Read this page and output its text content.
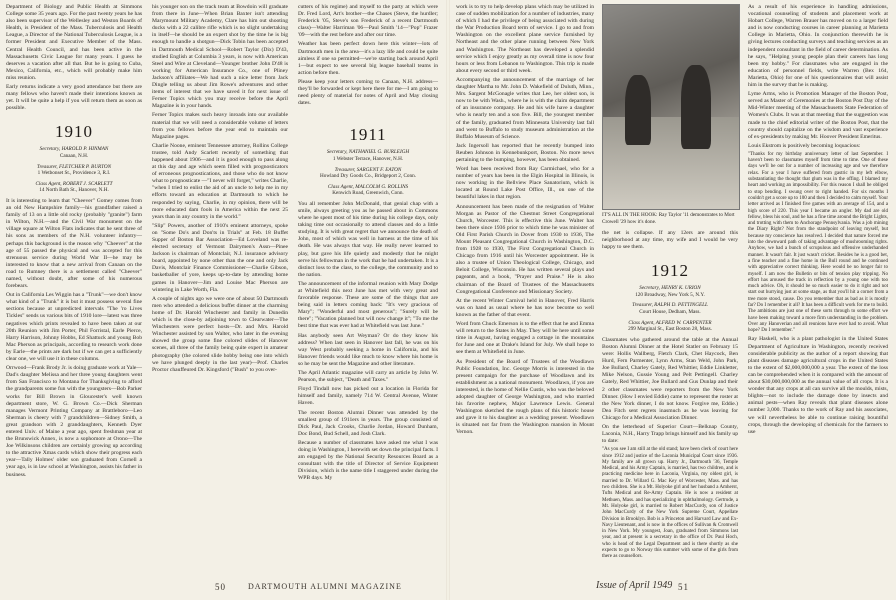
Department of Biology and Public Health at Simmons College some 35 years ago. For the past twenty years he has also been supervisor of the Wellesley and Weston Boards of Health, is President of the Mass. Tuberculosis and Health League, a Director of the National Tuberculosis League, is a former President and Executive Member of the Mass. Central Health Council, and has been active in the Massachusetts Civic League for many years. I guess he deserves a vacation after all that. But he is going to Cuba, Mexico, California, etc., which will probably make him miss reunion.

Early returns indicate a very good attendance but there are many fellows who haven't made their intentions known as yet. It will be quite a help if you will return them as soon as possible.

1910
Secretary, HAROLD P. HINMAN
Canaan, N.H.
Treasurer, FLETCHER P. BURTON
1 Wetbonset St., Providence 3, R.I.
Class Agent, ROBERT J. SCARLETT
14 North Bath St., Hanover, N.H.

It is interesting to learn that "Cheever" Gomey comes from an old New Hampshire family—his grandfather raised a family of 13 on a little old rocky (probably "granite") farm in Wilton, N.H.—and the Civil War monument on the village square at Wilton Flats indicates that he sent three of his sons as members of the N.H. volunteer infantry—perhaps this background is the reason why "Cheever" at the age of 55 passed the physical and was accepted for this strenuous service during World War II—he may be interested to know that a new arrival from Canaan on the road to Rumney there is a settlement called "Cheever" named, without doubt, after some of his numerous forebears.

Out in California Les Wiggin has a "Trunk"—we don't know what kind of a "Trunk" it is but it must possess several fine sections because at unpredicted intervals "The 'ro Lives Tickles" sends us various bits of 1910 lore—latest was three negatives which prints revealed to have been taken at our 20th Reunion with Jim Porter, Phil Forristal, Earle Pierce, Harry Harrison, Johnny Hobbs, Ed Shattuck and young Bob Mac Pherson as principals, according to research work done by Earle—the prints are dark but if we can get a sufficiently clear one, we will use it in these columns.

Orrwood—Frank Brody Jr. is doing graduate work at Yale—Dad's daughter Melissa and her three young daughters went from San Francisco to Montana for Thanksgiving to afford the grandparents some fun with the youngsters—Bob Parker works for Bill Brown in Gloucester's well known department store, W. G. Brown Co.—Dick Sherman manages Vermont Printing Company at Brattleboro—Leo Sherman is cheery with 7 grandchildren—Sidney Smith, a great grandson with 2 granddaughters, Kenneth Dyer entered Univ. of Maine a year ago, spent freshman year at the Brunswick Annex, is now a sophomore at Orono—The Joe Wilkinsons children are certainly growing up according to the attractive Xmas cards which show their progress each year—Tally Holmes' older son graduated from Cornell a year ago, is in law school at Washington, assists his father in business.

his younger son on the track team at Bowdoin will graduate from there in June—When Brian Baxter isn't attending Marymount Military Academy, Clare has him out shooting ducks with a 22 calibre rifle which is no slight undertaking in itself—he should be an expert shot by the time he is big enough to handle a shotgun—Dick Tobin has been accepted in Dartmouth Medical School—Robert Taylor (Dix) D'43, studied English at Columbia 3 years, is now with American Steel and Wire at Cleveland—Younger brother John D'48 is working for American Insurance Co., one of Pliney Jackson's affiliates—We had such a nice letter from Jack Dingle telling us about Jim Rowe's adventures and other items of interest that we have saved it for next issue of Ferner Topics which you may receive before the April Magazine is in your hands.

Ferner Topics makes such heavy inroads into our available material that we will need a considerable volume of letters from you fellows before the year end to maintain our Magazine pages.

Charlie Noone, eminent Tennessee attorney, Rollins College trustee, told Andy Scarlett recently of something that happened about 1906—and it is good enough to pass along at this day and age which seem filled with prognosticators of erroneous prognostications, and those who do not know what to prognosticate —"I never will forget," writes Charlie, "when I tried to enlist the aid of an uncle to help me in my efforts toward an education at Dartmouth to which he responded by saying, Charlie, in my opinion, there will be more educated dam fools in America within the next 25 years than in any country in the world."

"Slip" Powers, another of 1910's eminent attorneys, spoke on "Some Do's and Don'ts in Trials" at Feb. 18 Buffet Supper of Boston Bar Association—Ed Loveland was re-elected secretary of Vermont Dairymen's Assn—Pinee Jackson is chairman of Montclair, N.J. insurance advisory board, appointed by none other than the one and only Jack Davis, Montclair Finance Commissioner—Charlie Gibson, basketballer of yore, keeps up-to-date by attending home games in Hanover—Jim and Louise Mac Pherson are wintering in Lake Worth, Fla.

A couple of nights ago we were one of about 50 Dartmouth men who attended a delicious buffet dinner at the charming home of Dr. Harold Winchester and family in Dunedin which is the close-by adjoining town to Clearwater—The Winchesters were perfect hosts—Dr. and Mrs. Harold Winchester assisted by son Walter, who later in the evening showed the group some fine colored slides of Hanover scenes, all three of the family being quite expert in amateur photography (the colored slide hobby being one into which we have plunged deeply in the last year)—Prof. Charles Proctor chauffeured Dr. Kingsford ("Bush" to you over-

cutters of his regime) and myself to the party at which were Dr. Fred Lord, Art's brother—the Chases (Steve, the hurdler; Frederick '05, Steve's son Frederick of a recent Dartmouth class)—Walter Harriman '06—Paul Smith '14—"Pop" Frazer '09—with the rest before and after our time.

Weather has been perfect down here this winter—lots of Dartmouth men in the area—it's a lazy life and could be quite aimless if one so permitted—we're starting back around April 1—but expect to see several big league baseball teams in action before then.

Please keep your letters coming to Canaan, N.H. address—they'll be forwarded or kept here there for me—I am going to need plenty of material for notes of April and May closing dates.

1911
Secretary, NATHANIEL G. BURLEIGH
1 Webster Terrace, Hanover, N.H.
Treasurer, SARGENT F. EATON
Howland Dry Goods Co., Bridgeport 2, Conn.
Class Agent, MALCOLM G. ROLLINS
Kenwich Road, Greenwich, Conn.

You all remember John McDonald, that genial chap with a smile, always greeting you as he passed about in Commons where he spent most of his time during his college days, only taking time out occasionally to attend classes and do a little studying. It is with great regret that we announce the death of John, most of which was well in harness at the time of his death. He was always that way. He really never learned to play, but gave his life quietly and modestly that he might serve his fellowman in the work that he had undertaken. It is a distinct loss to the class, to the college, the community and to the nation.

The announcement of the informal reunion with Mary Dodge at Whitefield this next June has met with very great and favorable response. These are some of the things that are being said in letters coming back: "It's very gracious of Mary"; "Wonderful and most generous"; "Surely will be there"; "Vacation planned but will now change it"; "To me the best time that was ever had at Whitefield was last June."

Has anybody seen Art Weyman? Or do they know his address? When last seen in Hanover last fall, he was on his way West probably seeking a home in California, and his Hanover friends would like much to know where his home is so he may be sent the Magazine and other literature.

The April Atlantic magazine will carry an article by John W. Pearson, the subject, "Death and Taxes."

Floyd Tindall now has picked out a location in Florida for himself and family, namely 714 W. Central Avenue, Winter Haven.

The recent Boston Alumni Dinner was attended by the smallest group of 1911ers in years. The group consisted of Dick Paul, Jack Crooks, Charlie Jordan, Howard Dunham, Doc Bond, Bud Schell, and Josh Clark.

Because a number of classmates have asked me what I was doing in Washington, I herewith set down the principal facts. I am engaged by the National Security Resources Board as a consultant with the title of Director of Service Equipment Division, which is the name title I staggered under during the WPB days. My

50	DARTMOUTH ALUMNI MAGAZINE

work is to try to help develop plans which may be utilized in case of sudden mobilization for a number of industries, many of which I had the privilege of being associated with during the War Production Board term of service. I go to and from Washington on the excellent plane service furnished by Northeast and the other plane running between New York and Washington. The Northeast has developed a splendid service which I enjoy greatly as my overall time is now four hours or less from Lebanon to Washington. This trip is made about every second or third week.

Accompanying the announcement of the marriage of her daughter Martha to Mr. John D. Wakefield of Duluth, Minn., Mrs. Sargent McGonagle writes that Lee, her oldest son, is now to be with Wash., where he is with the claim department of an insurance company. He and his wife have a daughter who is nearly ten and a son five. Bill, the youngest member of the family, graduated from Minnesota University last fall and went to Buffalo to study museum administration at the Buffalo Museum of Science.

Jack Ingersoll has reported that he recently bumped into Reuben Johnson in Kennebunkport, Boston. No more news pertaining to the bumping, however, has been obtained.

Word has been received from Ray Carmichael, who for a number of years has been in the Elgin Hospital in Illinois, is now working in the Bellview Place Sanatorium, which is located at Round Lake Post Office, Ill., on one of the beautiful lakes in that region.

Announcement has been made of the resignation of Walter Morgan as Pastor of the Chestnut Street Congregational Church, Worcester. This is effective this June. Walter has been there since 1936 prior to which time he was minister of Old First Parish Church in Dover from 1930 to 1936, The Mount Pleasant Congregational Church in Washington, D.C. from 1928 to 1930, The First Congregational Church in Chicago from 1916 until his Worcester appointment. He is also a trustee of Union Theological College, Chicago, and Beloit College, Wisconsin. He has written several plays and pageants, and a book, "Prayer and Praise." He is also chairman of the Board of Trustees of the Massachusetts Congregational Conference and Missionary Society.

At the recent Winter Carnival held in Hanover, Fred Harris was on hand as usual where he has now become so well known as the father of that event.

Word from Chuck Emerson is to the effect that he and Emma will return to the States in May. They will be here until some time in August, having engaged a cottage in the mountains for June and one at Drake's Island for July. We shall hope to see them at Whitefield in June.

As President of the Board of Trustees of the Woodlawn Public Foundation, Inc. George Morris is interested in the present campaign for the purchase of Woodlawn and its establishment as a national monument. Woodlawn, if you are interested, is the home of Nellie Custis, who was the beloved adopted daughter of George Washington, and who married his favorite nephew, Major Lawrence Lewis. General Washington sketched the rough plans of this historic house and gave it to his daughter as a wedding present. Woodlawn is situated not far from the Washington mansion in Mount Vernon.

IT'S ALL IN THE HOOK: Ray Taylor '11 demonstrates to Mort Crowell '29 how it's done.

the net is collapse. If any 12ers are around this neighborhood at any time, my wife and I would be very happy to see them.

1912
Secretary, HENRY K. URION
120 Broadway, New York 5, N.Y.
Treasurer, RALPH D. PETTINGELL
Court House, Dedham, Mass.
Class Agent, ALFRED W. CARPENTER
299 Marginal St., East Boston 28, Mass.

Classmates who gathered around the table at the Annual Boston Alumni Dinner at the Hotel Statler on February 15 were: Hollis Wallberg, Fletch Clark, Chet Haycock, Ben Hurd, Fern Parmenter, Lynn Arms, Stan Weld, John Park, Joe Bullard, Charley Gately, Red Whittier, Eddie Linkletter, Mike Nelson, Gussie Young and Pelt Pettingell. Charley Gately, Red Whittier, Joe Bullard and Gus Dunlap and their 2 other classmates were reporters from the New York Dinner. (How I envied Eddie) came to represent the roster at the New York dinner, I do not know. Forgive me, Eddie.) Dea Fitch sent regrets inasmuch as he was leaving for Chicago for a Medical Association Dinner.

On the letterhead of Superior Court—Belknap County, Laconia, N.H., Harry Trapp brings himself and his family up to date:

"As you see I am still at the old stand; have been clerk of court here since 1912 and justice of the Laconia Municipal Court since 1936. My family are all grown up. Harry Jr., Dartmouth '36, Temple Medical, and his Army Captain, is married, has two children, and is practicing medicine here in Laconia, Virginia, my oldest girl, is married to Dr. Willard G. Mac Key of Worcester, Mass. and has two children. She is a Mt. Holyoke girl and her husband a Amherst, Tufts Medical and Re-Army Captain. He is now a resident at Methuen, Mass. and has specializing in ophthalmology. Gertrude, a Mt. Holyoke girl, is married to Robert MacCurdy, son of Justice John MacCurdy of the New York Supreme Court, Appellate Division in Brooklyn. Bob is a Princeton and Harvard Law and Ex-Navy Lieutenant, and is now in the offices of Sullivan & Cromwell in New York. My youngest, Joan, graduated from Simmons last year, and at present is a secretary in the office of Dr. Paul Hoch, who is head of the Legal Department and is there shortly as she expects to go to Norway this summer with some of the girls from there as counsellors.

As a result of his experience in handling admissions, vocational counseling of students and placement work at Hobart College, Warren Brauer has moved on to a larger field and is now conducting courses in career planning at Marietta College in Marietta, Ohio. In conjunction therewith he is giving lectures conducting surveys and teaching services as an independent consultant in the field of career determination. As he says, "Helping young people plan their careers has long been my hobby." For classmates who are engaged in the education of personnel fields, write Warren (Bex 164, Marietta, Ohio) for one of his questionnaires that will assist him in the survey that he is making.

Lyme Arms, who is Promotion Manager of the Boston Post, served as Master of Ceremonies at the Boston Post Day of the Mid-Winter meeting of the Massachusetts State Federation of Women's Clubs. It was at that meeting that the suggestion was made to the chief editorial writer of the Boston Post, that the country should capitalize on the wisdom and vast experience of ex-presidents by making Mr. Hoover President Emeritus.

Louis Ekstrom is positively becoming loquacious:

"Thanks for my birthday anniversary letter of last September. I haven't been to classmates myself from time to time. One of these days we'll be out for a number of increasing age and we therefore relax. For a year I have suffered from gastric in my left elbow, substantiating the thought that glum was in the offing. I blamed my heart and working an impossibility. For this reason I shall be obliged to stop bending. I swung over to right handed. For six months I couldn't get a score up to 100 and then I decided to calm myself. Your letter arrived as I finished five games with an average of 154, and a high score of 220. This year I became an angler. My dad are old fellow, bless his soul, and he has a fine time around the Bright Lights, and trotting with them to Anchorage Pennsylvania. Was a job mining the Diary Right? Not from the standpoint of leaving myself, but because my conscience has resolved. I decided that nature forced me into the downward path of taking advantage of mushrooming rights. Anyhow, we had a bunch of scrupulous and offensive underhanded manner. It wasn't fair. It just wasn't cricket. Besides he is a good bet, a fine teacher and a fine home in the Bull round and he continued with appreciative correct thinking. Here would be no longer fair to myself. I am now the Bulletin or bits of tension play tripping. No effort has aroused the track in reflection by a young one with too much advice. Oh, it should be so much easier to do it right and not start out hurrying just at some stage, as that you'll hit a corner from a tree more stood, cause. Do you remember that as bad as it is mostly far? Do I remember it all? It has been a difficult work for me to build. The ambitions are just one of these sorts through to some effort we have been making toward a more firm understanding in the problem. Over any Hanoverian and all reunions have ever had to avoid. What hope? Do I remember."

Ray Haskell, who is a plant pathologist in the United States Department of Agriculture in Washington, recently received considerable publicity as the author of a report showing that plant diseases damage agricultural crops in the United States to the extent of $2,000,000,000 a year. The extent of the loss can be comprehended when it is compared with the amount of about $30,000,000,000 as the annual value of all crops. It is a wonder that any crops at all can survive all the moulds, mists, blights—not to include the damage done by insects and animal pests—when Ray reveals that plant diseases alone number 3,000. Thanks to the work of Ray and his associates, we will nevertheless be able to continue raising bountiful crops, through the developing of chemicals for the farmers to use

Issue of April 1949 51
